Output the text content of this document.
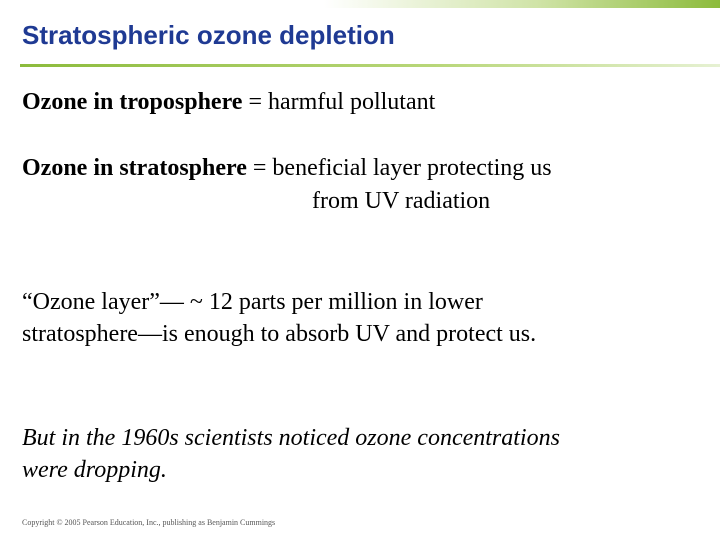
Stratospheric ozone depletion

Ozone in troposphere = harmful pollutant

Ozone in stratosphere = beneficial layer protecting us

from UV radiation

“Ozone layer”— ~ 12 parts per million in lower

stratosphere—is enough to absorb UV and protect us.

But in the 1960s scientists noticed ozone concentrations

were dropping.

Copyright © 2005 Pearson Education, Inc., publishing as Benjamin Cummings
